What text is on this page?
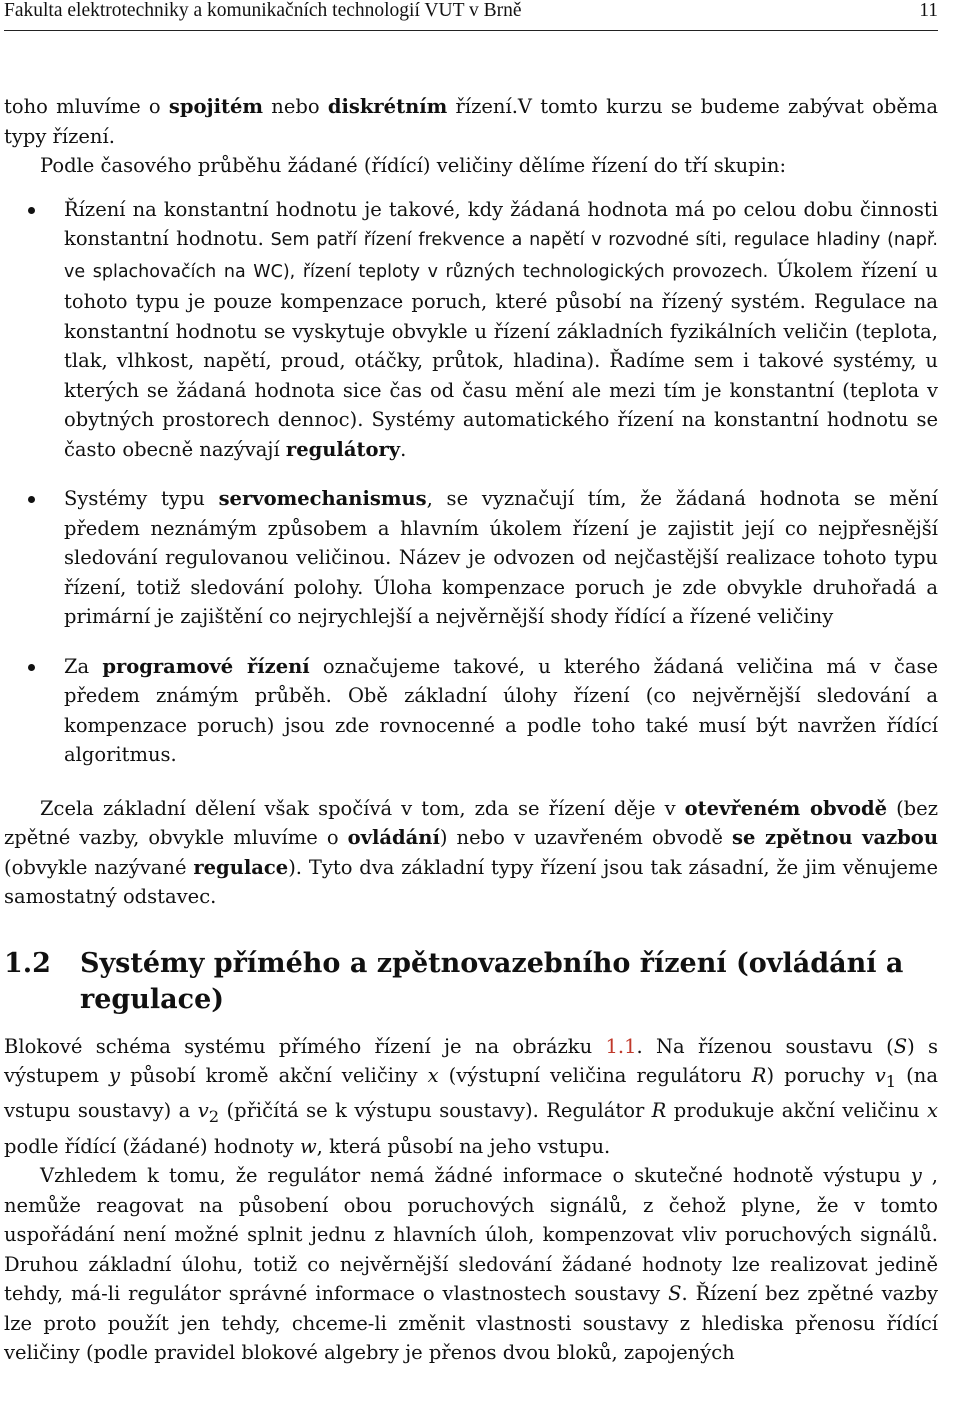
Fakulta elektrotechniky a komunikačních technologií VUT v Brně	11

toho mluvíme o spojitém nebo diskrétním řízení.V tomto kurzu se budeme zabývat oběma typy řízení.

Podle časového průběhu žádané (řídící) veličiny dělíme řízení do tří skupin:

Řízení na konstantní hodnotu je takové, kdy žádaná hodnota má po celou dobu činnosti konstantní hodnotu. Sem patří řízení frekvence a napětí v rozvodné síti, regulace hladiny (např. ve splachovačích na WC), řízení teploty v různých technologických provozech. Úkolem řízení u tohoto typu je pouze kompenzace poruch, které působí na řízený systém. Regulace na konstantní hodnotu se vyskytuje obvykle u řízení základních fyzikálních veličin (teplota, tlak, vlhkost, napětí, proud, otáčky, průtok, hladina). Řadíme sem i takové systémy, u kterých se žádaná hodnota sice čas od času mění ale mezi tím je konstantní (teplota v obytných prostorech dennoc). Systémy automatického řízení na konstantní hodnotu se často obecně nazývají regulátory.
Systémy typu servomechanismus, se vyznačují tím, že žádaná hodnota se mění předem neznámým způsobem a hlavním úkolem řízení je zajistit její co nejpřesnější sledování regulovanou veličinou. Název je odvozen od nejčastější realizace tohoto typu řízení, totiž sledování polohy. Úloha kompenzace poruch je zde obvykle druhořadá a primární je zajištění co nejrychlejší a nejvěrnější shody řídící a řízené veličiny
Za programové řízení označujeme takové, u kterého žádaná veličina má v čase předem známým průběh. Obě základní úlohy řízení (co nejvěrnější sledování a kompenzace poruch) jsou zde rovnocenné a podle toho také musí být navržen řídící algoritmus.

Zcela základní dělení však spočívá v tom, zda se řízení děje v otevřeném obvodě (bez zpětné vazby, obvykle mluvíme o ovládání) nebo v uzavřeném obvodě se zpětnou vazbou (obvykle nazývané regulace). Tyto dva základní typy řízení jsou tak zásadní, že jim věnujeme samostatný odstavec.

1.2 Systémy přímého a zpětnovazebního řízení (ovládání a regulace)

Blokové schéma systému přímého řízení je na obrázku 1.1. Na řízenou soustavu (S) s výstupem y působí kromě akční veličiny x (výstupní veličina regulátoru R) poruchy $v_1$ (na vstupu soustavy) a $v_2$ (přičítá se k výstupu soustavy). Regulátor R produkuje akční veličinu x podle řídící (žádané) hodnoty w, která působí na jeho vstupu.

Vzhledem k tomu, že regulátor nemá žádné informace o skutečné hodnotě výstupu y , nemůže reagovat na působení obou poruchových signálů, z čehož plyne, že v tomto uspořádání není možné splnit jednu z hlavních úloh, kompenzovat vliv poruchových signálů. Druhou základní úlohu, totiž co nejvěrnější sledování žádané hodnoty lze realizovat jedině tehdy, má-li regulátor správné informace o vlastnostech soustavy S. Řízení bez zpětné vazby lze proto použít jen tehdy, chceme-li změnit vlastnosti soustavy z hlediska přenosu řídící veličiny (podle pravidel blokové algebry je přenos dvou bloků, zapojených
